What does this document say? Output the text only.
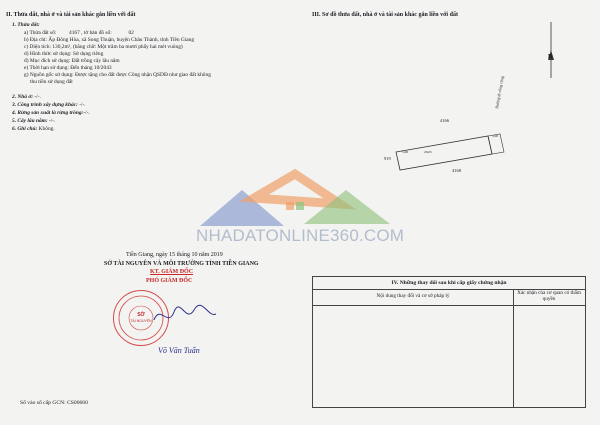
II. Thửa đất, nhà ở và tài sản khác gắn liền với đất
1. Thửa đất:
a) Thửa đất số: 4167 , tờ bản đồ số:	02
b) Địa chỉ: Ấp Đông Hòa, xã Song Thuận, huyện Châu Thành, tỉnh Tiền Giang
c) Diện tích: 130,2m², (bằng chữ: Một trăm ba mươi phẩy hai mét vuông)
d) Hình thức sử dụng: Sử dụng riêng
đ) Mục đích sử dụng: Đất trồng cây lâu năm
e) Thời hạn sử dụng: Đến tháng 10/2043
g) Nguồn gốc sử dụng: Được tặng cho đất được Công nhận QSDĐ như giao đất không
thu tiền sử dụng đất
2. Nhà ở: -/-.
3. Công trình xây dựng khác: -/-.
4. Rừng sản xuất là rừng trồng:-/-.
5. Cây lâu năm: -/-.
6. Ghi chú: Không.
Tiền Giang, ngày 15 tháng 10 năm 2019
SỞ TÀI NGUYÊN VÀ MÔI TRƯỜNG TỈNH TIỀN GIANG
KT. GIÁM ĐỐC
PHÓ GIÁM ĐỐC
SỞ
TÀI NGUYÊN
Võ Văn Tuấn
Số vào sổ cấp GCN: CS00660
III. Sơ đồ thửa đất, nhà ở và tài sản khác gắn liền với đất
B
4166
4168
919
Đường đi công cộng
26,05
5,00
5,00
NHADATONLINE360.COM
IV. Những thay đổi sau khi cấp giấy chứng nhận
Nội dung thay đổi và cơ sở pháp lý	Xác nhận của cơ quan có thẩm quyền
